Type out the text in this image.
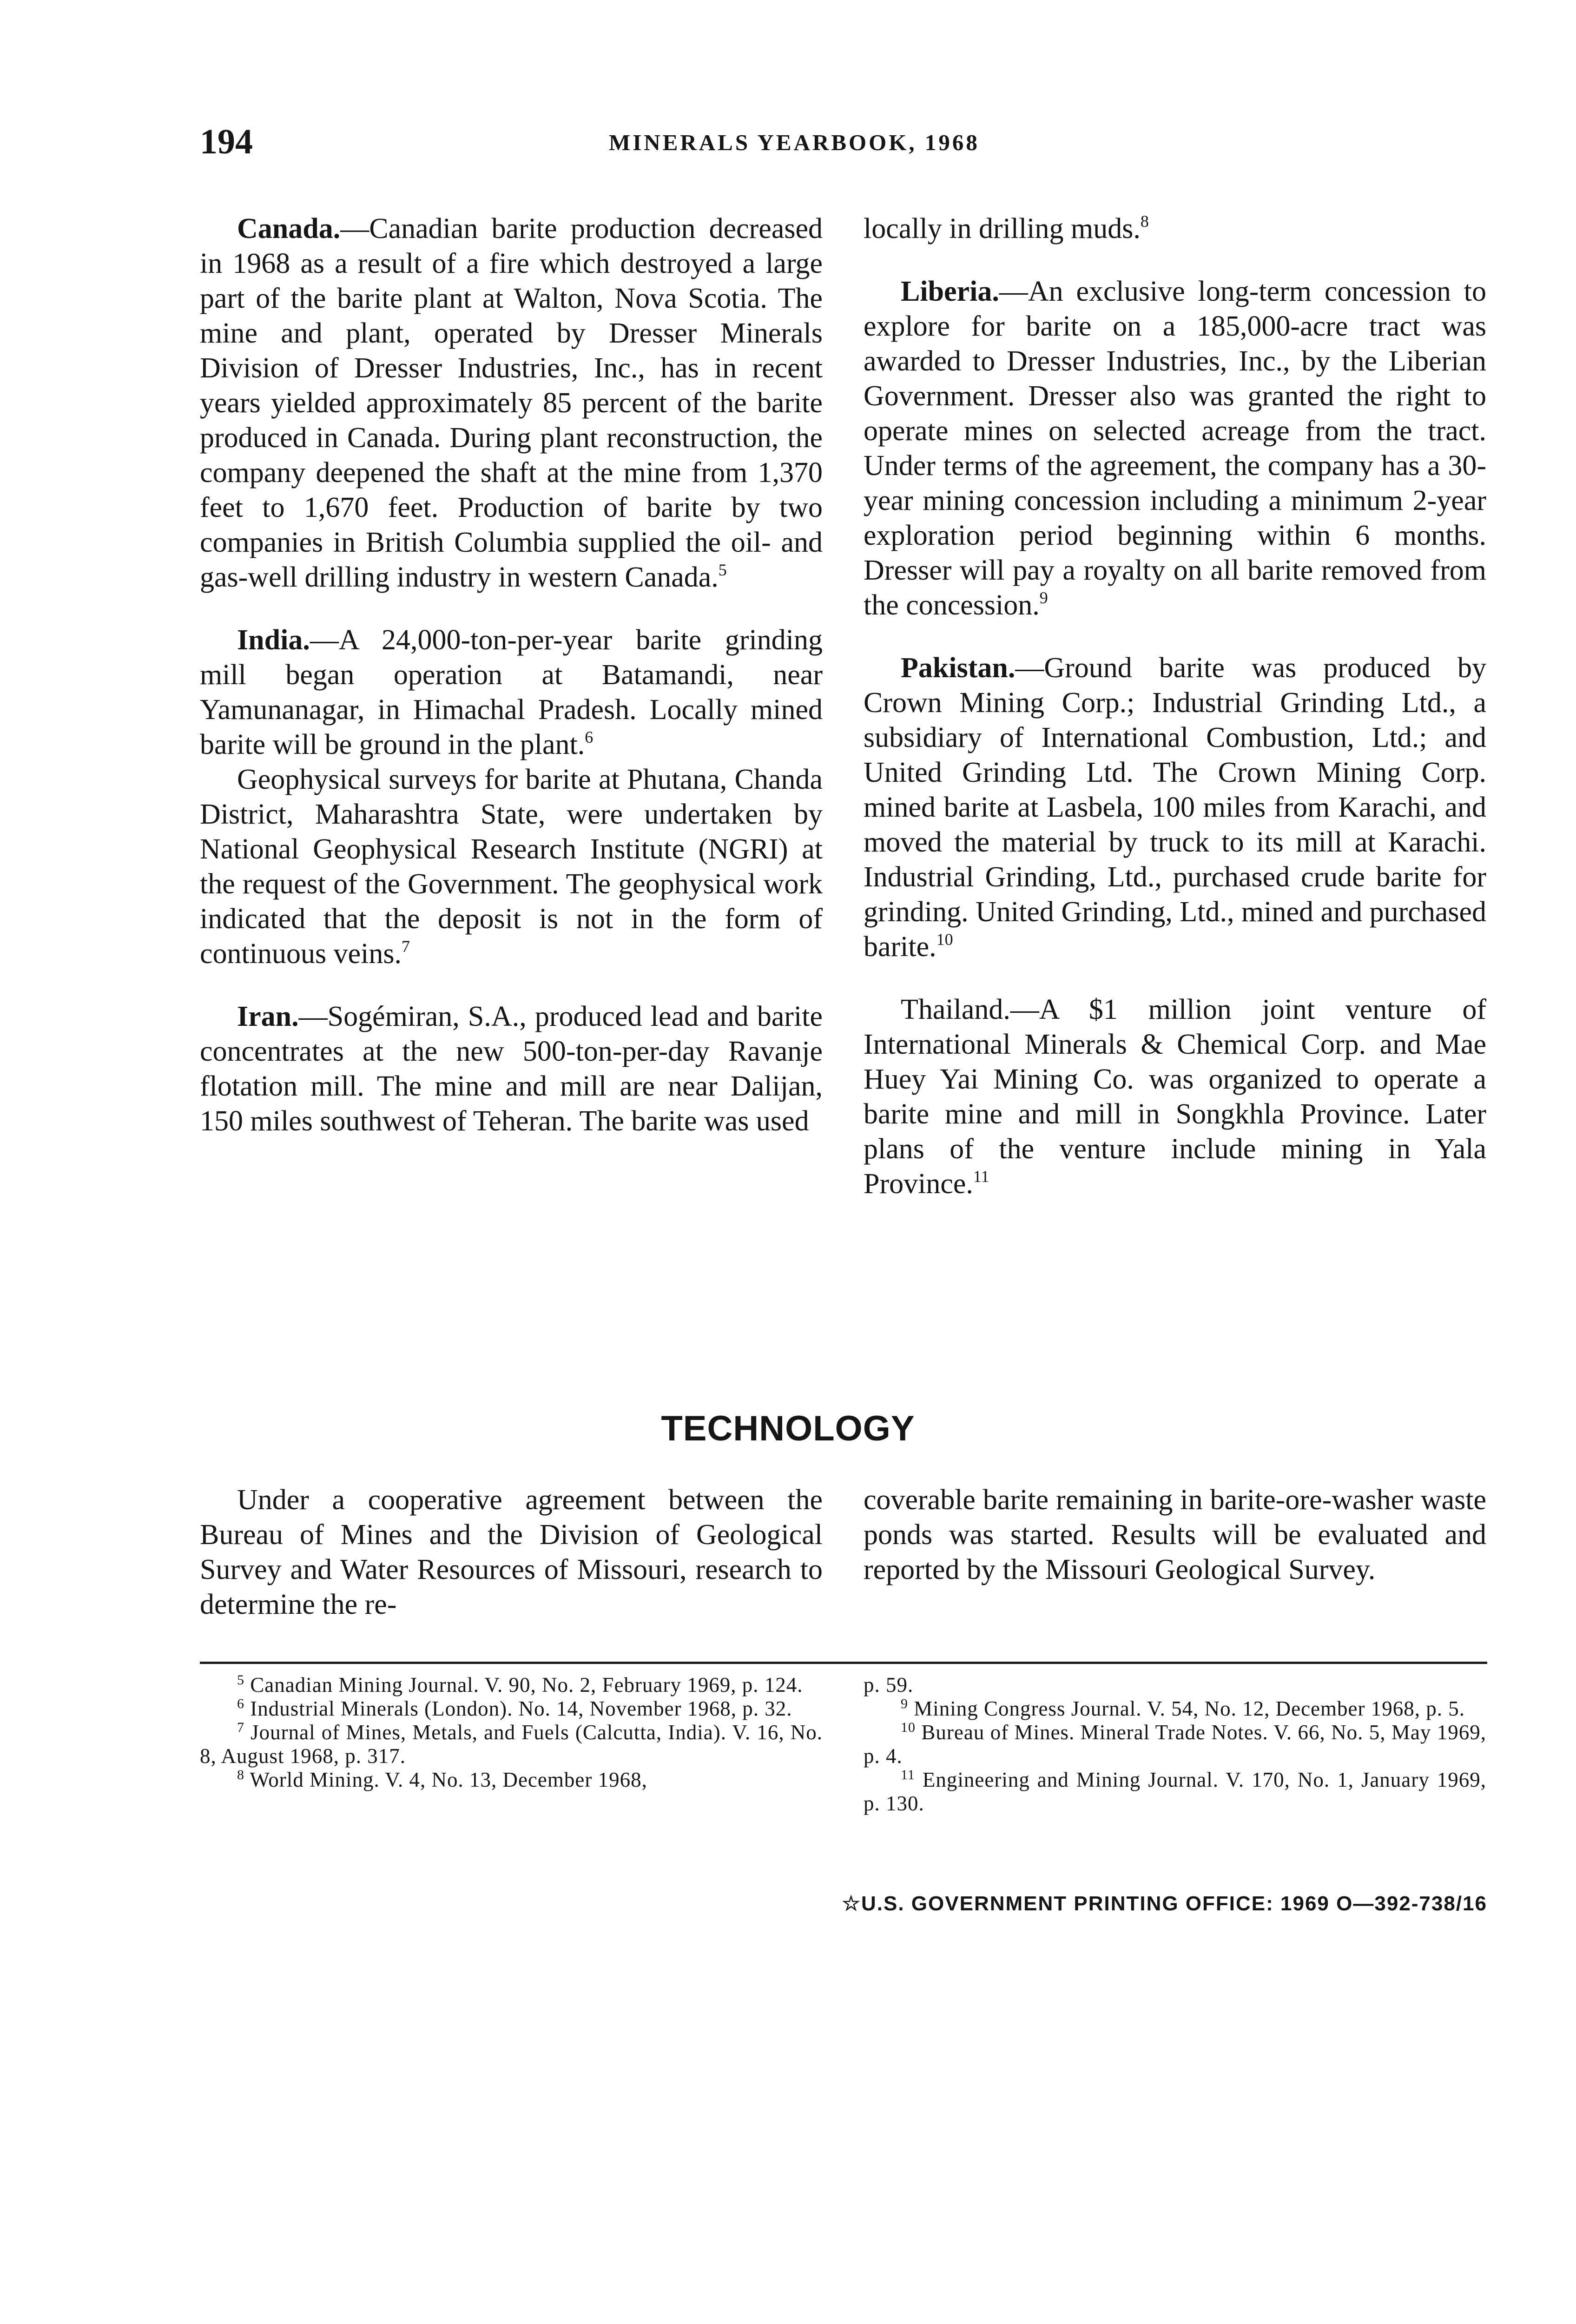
194	MINERALS YEARBOOK, 1968

Canada.—Canadian barite production decreased in 1968 as a result of a fire which destroyed a large part of the barite plant at Walton, Nova Scotia. The mine and plant, operated by Dresser Minerals Division of Dresser Industries, Inc., has in recent years yielded approximately 85 percent of the barite produced in Canada. During plant reconstruction, the company deepened the shaft at the mine from 1,370 feet to 1,670 feet. Production of barite by two companies in British Columbia supplied the oil- and gas-well drilling industry in western Canada.$^5$

India.—A 24,000-ton-per-year barite grinding mill began operation at Batamandi, near Yamunanagar, in Himachal Pradesh. Locally mined barite will be ground in the plant.$^6$

Geophysical surveys for barite at Phutana, Chanda District, Maharashtra State, were undertaken by National Geophysical Research Institute (NGRI) at the request of the Government. The geophysical work indicated that the deposit is not in the form of continuous veins.$^7$

Iran.—Sogémiran, S.A., produced lead and barite concentrates at the new 500-ton-per-day Ravanje flotation mill. The mine and mill are near Dalijan, 150 miles southwest of Teheran. The barite was used

locally in drilling muds.$^8$

Liberia.—An exclusive long-term concession to explore for barite on a 185,000-acre tract was awarded to Dresser Industries, Inc., by the Liberian Government. Dresser also was granted the right to operate mines on selected acreage from the tract. Under terms of the agreement, the company has a 30-year mining concession including a minimum 2-year exploration period beginning within 6 months. Dresser will pay a royalty on all barite removed from the concession.$^9$

Pakistan.—Ground barite was produced by Crown Mining Corp.; Industrial Grinding Ltd., a subsidiary of International Combustion, Ltd.; and United Grinding Ltd. The Crown Mining Corp. mined barite at Lasbela, 100 miles from Karachi, and moved the material by truck to its mill at Karachi. Industrial Grinding, Ltd., purchased crude barite for grinding. United Grinding, Ltd., mined and purchased barite.$^{10}$

Thailand.—A $1 million joint venture of International Minerals & Chemical Corp. and Mae Huey Yai Mining Co. was organized to operate a barite mine and mill in Songkhla Province. Later plans of the venture include mining in Yala Province.$^{11}$

TECHNOLOGY

Under a cooperative agreement between the Bureau of Mines and the Division of Geological Survey and Water Resources of Missouri, research to determine the re-

coverable barite remaining in barite-ore-washer waste ponds was started. Results will be evaluated and reported by the Missouri Geological Survey.

$^5$ Canadian Mining Journal. V. 90, No. 2, February 1969, p. 124.

$^6$ Industrial Minerals (London). No. 14, November 1968, p. 32.

$^7$ Journal of Mines, Metals, and Fuels (Calcutta, India). V. 16, No. 8, August 1968, p. 317.

$^8$ World Mining. V. 4, No. 13, December 1968,

p. 59.

$^9$ Mining Congress Journal. V. 54, No. 12, December 1968, p. 5.

$^{10}$ Bureau of Mines. Mineral Trade Notes. V. 66, No. 5, May 1969, p. 4.

$^{11}$ Engineering and Mining Journal. V. 170, No. 1, January 1969, p. 130.

☆U.S. GOVERNMENT PRINTING OFFICE: 1969 O—392-738/16
